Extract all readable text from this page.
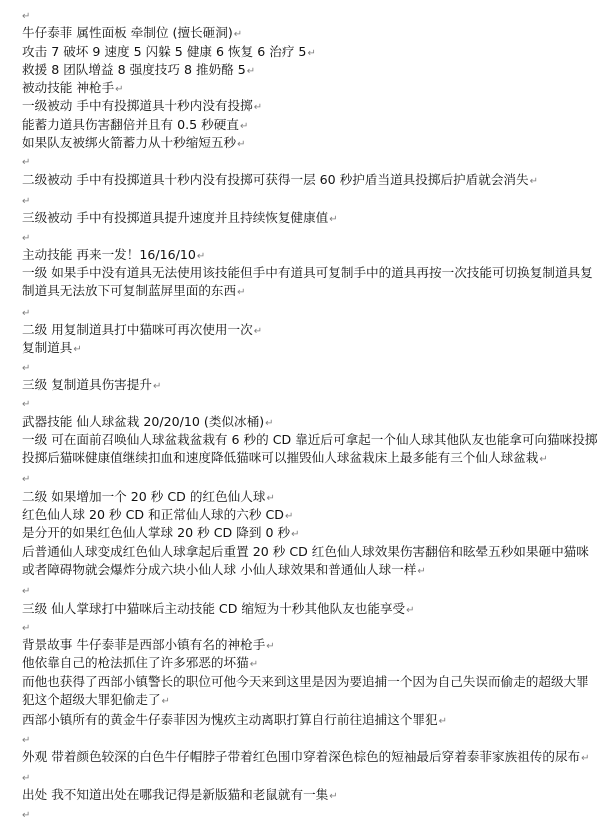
↵
牛仔泰菲 属性面板 牵制位 (擅长砸洞)↵
攻击 7 破坏 9 速度 5 闪躲 5 健康 6 恢复 6 治疗 5↵
救援 8 团队增益 8 强度技巧 8 推奶酪 5↵
被动技能 神枪手↵
一级被动 手中有投掷道具十秒内没有投掷↵
能蓄力道具伤害翻倍并且有 0.5 秒硬直↵
如果队友被绑火箭蓄力从十秒缩短五秒↵
↵
二级被动 手中有投掷道具十秒内没有投掷可获得一层 60 秒护盾当道具投掷后护盾就会消失↵
↵
三级被动 手中有投掷道具提升速度并且持续恢复健康值↵
↵
主动技能 再来一发！16/16/10↵
一级 如果手中没有道具无法使用该技能但手中有道具可复制手中的道具再按一次技能可切换复制道具复制道具无法放下可复制蓝屏里面的东西↵
↵
二级 用复制道具打中猫咪可再次使用一次↵
复制道具↵
↵
三级 复制道具伤害提升↵
↵
武器技能 仙人球盆栽 20/20/10 (类似冰桶)↵
一级 可在面前召唤仙人球盆栽盆栽有 6 秒的 CD 靠近后可拿起一个仙人球其他队友也能拿可向猫咪投掷投掷后猫咪健康值继续扣血和速度降低猫咪可以摧毁仙人球盆栽床上最多能有三个仙人球盆栽↵
↵
二级 如果增加一个 20 秒 CD 的红色仙人球↵
红色仙人球 20 秒 CD 和正常仙人球的六秒 CD↵
是分开的如果红色仙人掌球 20 秒 CD 降到 0 秒↵
后普通仙人球变成红色仙人球拿起后重置 20 秒 CD 红色仙人球效果伤害翻倍和眩晕五秒如果砸中猫咪或者障碍物就会爆炸分成六块小仙人球 小仙人球效果和普通仙人球一样↵
↵
三级 仙人掌球打中猫咪后主动技能 CD 缩短为十秒其他队友也能享受↵
↵
背景故事 牛仔泰菲是西部小镇有名的神枪手↵
他依靠自己的枪法抓住了许多邪恶的坏猫↵
而他也获得了西部小镇警长的职位可他今天来到这里是因为要追捕一个因为自己失误而偷走的超级大罪犯这个超级大罪犯偷走了↵
西部小镇所有的黄金牛仔泰菲因为愧疚主动离职打算自行前往追捕这个罪犯↵
↵
外观 带着颜色较深的白色牛仔帽脖子带着红色围巾穿着深色棕色的短袖最后穿着泰菲家族祖传的尿布↵
↵
出处 我不知道出处在哪我记得是新版猫和老鼠就有一集↵
↵
